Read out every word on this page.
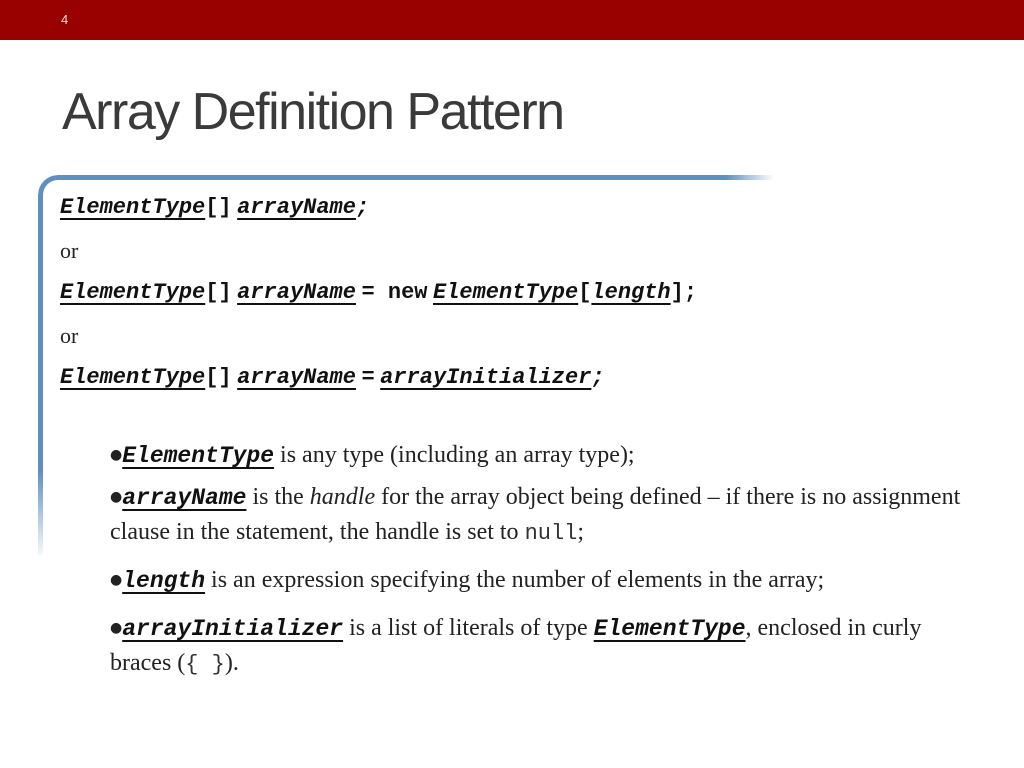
4
Array Definition Pattern
ElementType[] arrayName;
or
ElementType[] arrayName = new ElementType[length];
or
ElementType[] arrayName = arrayInitializer;
●ElementType is any type (including an array type);
●arrayName is the handle for the array object being defined – if there is no assignment clause in the statement, the handle is set to null;
●length is an expression specifying the number of elements in the array;
●arrayInitializer is a list of literals of type ElementType, enclosed in curly braces ({ }).
